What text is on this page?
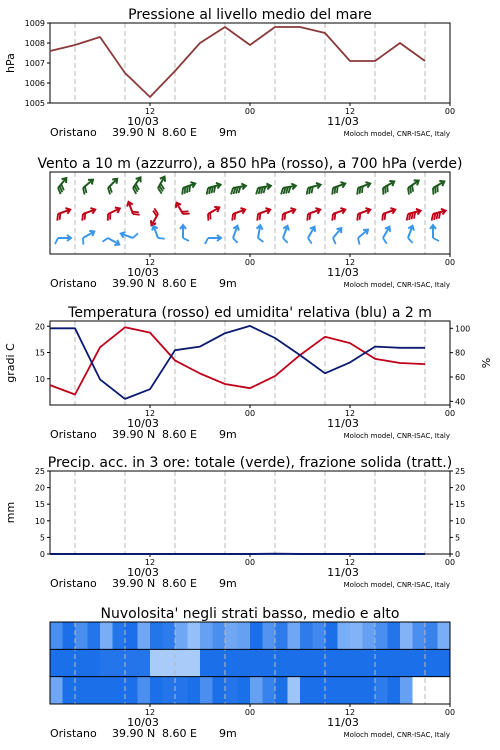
Pressione al livello medio del mare
12	00	12	00
10/03	11/03
Oristano 39.90 N 8.60 E 9m	Moloch model, CNR-ISAC, Italy
1005
1006
1007
1008
1009
hPa
Vento a 10 m (azzurro), a 850 hPa (rosso), a 700 hPa (verde)
12	00	12	00
10/03	11/03
Oristano 39.90 N 8.60 E 9m	Moloch model, CNR-ISAC, Italy
Temperatura (rosso) ed umidita' relativa (blu) a 2 m
12	00	12	00
10/03	11/03
Oristano 39.90 N 8.60 E 9m	Moloch model, CNR-ISAC, Italy
10
15
20
40
60
80
100
gradi C	%
Precip. acc. in 3 ore: totale (verde), frazione solida (tratt.)
12	00	12	00
10/03	11/03
Oristano 39.90 N 8.60 E 9m	Moloch model, CNR-ISAC, Italy
0
5
10
15
20
25
0
5
10
15
20
25
mm
Nuvolosita' negli strati basso, medio e alto
12	00	12	00
10/03	11/03
Oristano 39.90 N 8.60 E 9m	Moloch model, CNR-ISAC, Italy
